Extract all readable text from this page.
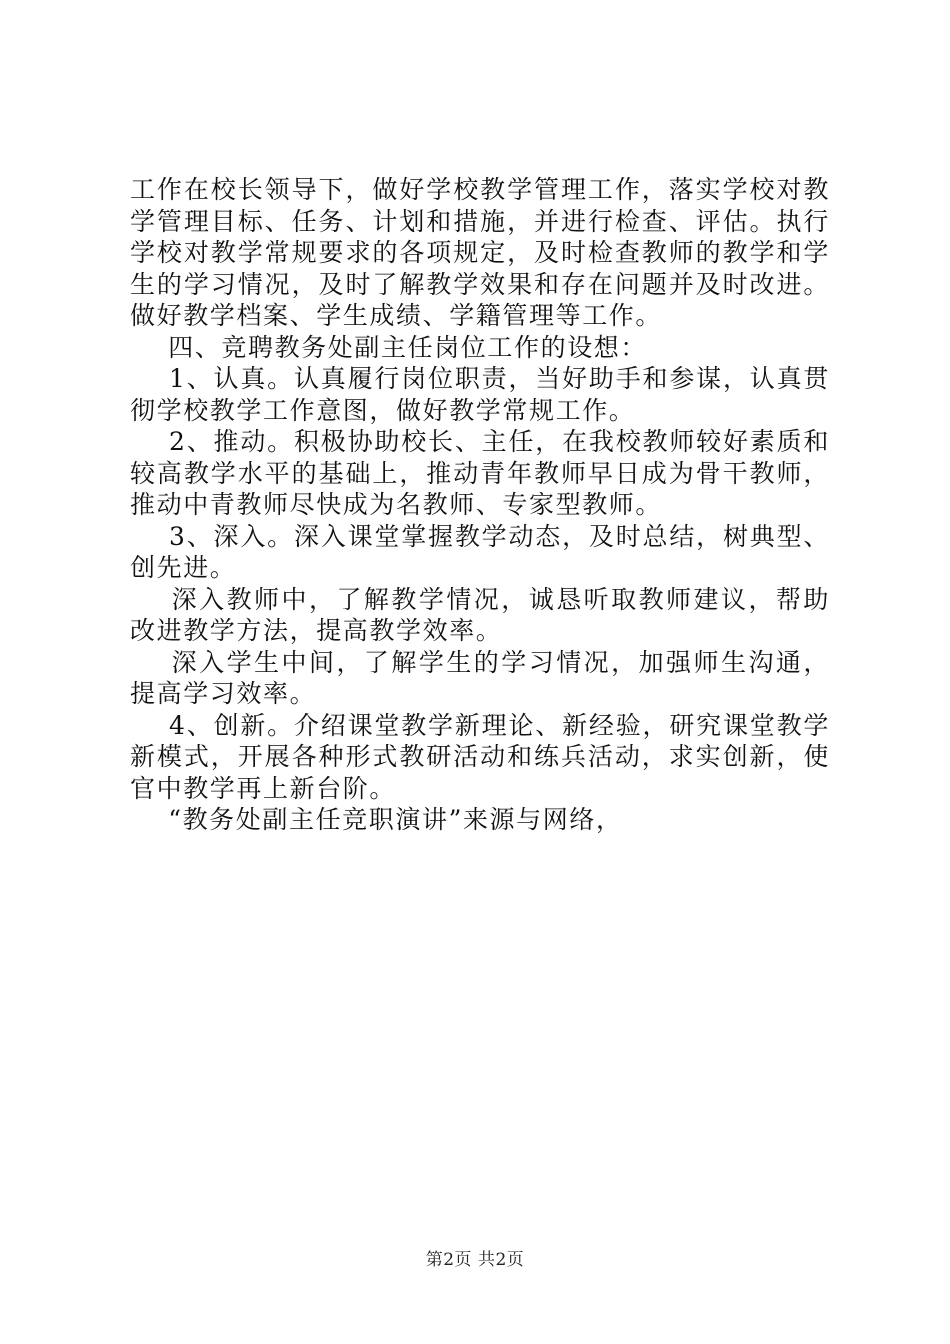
工作在校长领导下，做好学校教学管理工作，落实学校对教学管理目标、任务、计划和措施，并进行检查、评估。执行学校对教学常规要求的各项规定，及时检查教师的教学和学生的学习情况，及时了解教学效果和存在问题并及时改进。做好教学档案、学生成绩、学籍管理等工作。

四、竞聘教务处副主任岗位工作的设想：

1、认真。认真履行岗位职责，当好助手和参谋，认真贯彻学校教学工作意图，做好教学常规工作。

2、推动。积极协助校长、主任，在我校教师较好素质和较高教学水平的基础上，推动青年教师早日成为骨干教师，推动中青教师尽快成为名教师、专家型教师。

3、深入。深入课堂掌握教学动态，及时总结，树典型、创先进。

深入教师中，了解教学情况，诚恳听取教师建议，帮助改进教学方法，提高教学效率。

深入学生中间，了解学生的学习情况，加强师生沟通，提高学习效率。

4、创新。介绍课堂教学新理论、新经验，研究课堂教学新模式，开展各种形式教研活动和练兵活动，求实创新，使官中教学再上新台阶。

“教务处副主任竞职演讲”来源与网络，

第2页 共2页
